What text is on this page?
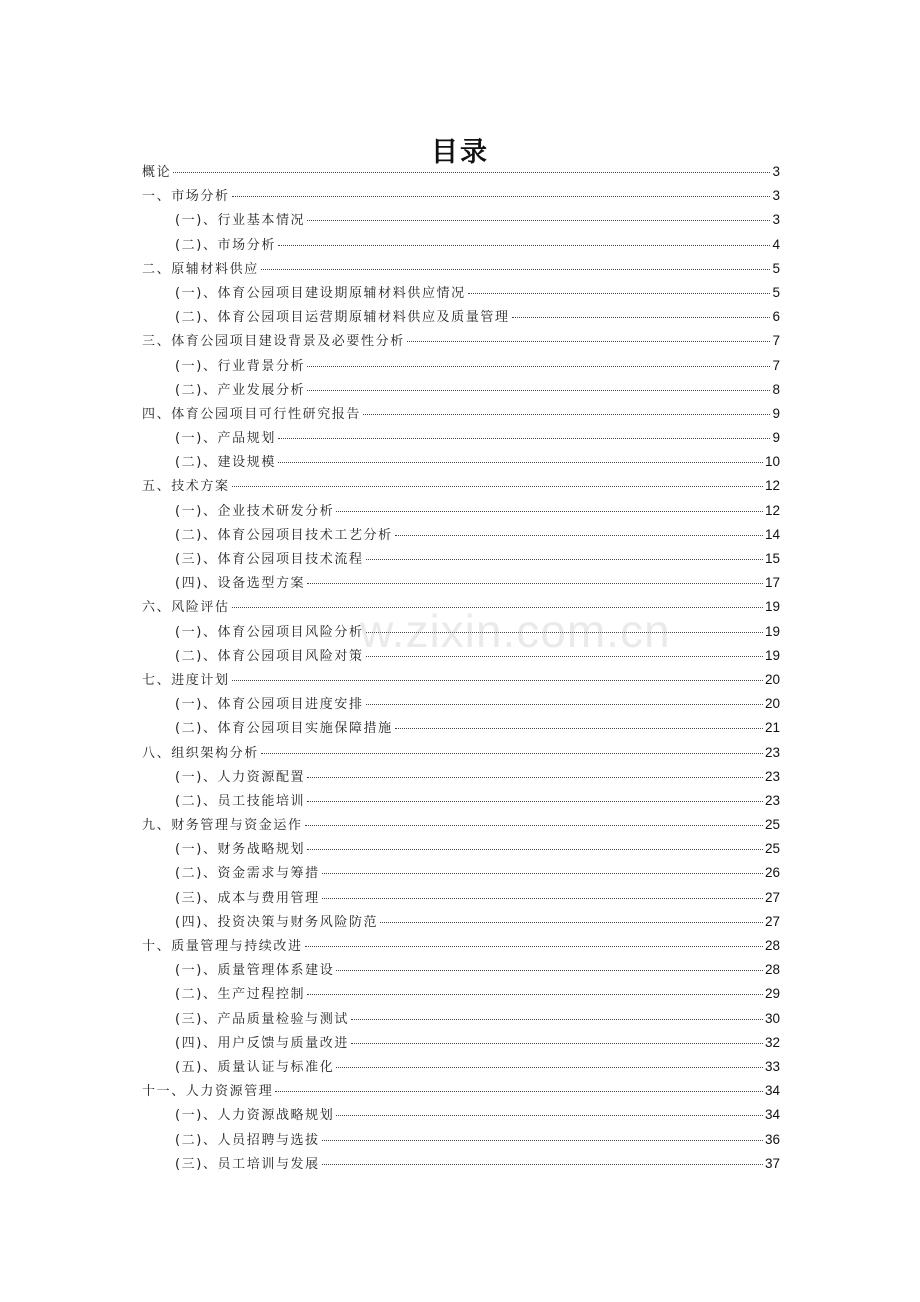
目录
概论	3
一、市场分析	3
(一)、行业基本情况	3
(二)、市场分析	4
二、原辅材料供应	5
(一)、体育公园项目建设期原辅材料供应情况	5
(二)、体育公园项目运营期原辅材料供应及质量管理	6
三、体育公园项目建设背景及必要性分析	7
(一)、行业背景分析	7
(二)、产业发展分析	8
四、体育公园项目可行性研究报告	9
(一)、产品规划	9
(二)、建设规模	10
五、技术方案	12
(一)、企业技术研发分析	12
(二)、体育公园项目技术工艺分析	14
(三)、体育公园项目技术流程	15
(四)、设备选型方案	17
六、风险评估	19
(一)、体育公园项目风险分析	19
(二)、体育公园项目风险对策	19
七、进度计划	20
(一)、体育公园项目进度安排	20
(二)、体育公园项目实施保障措施	21
八、组织架构分析	23
(一)、人力资源配置	23
(二)、员工技能培训	23
九、财务管理与资金运作	25
(一)、财务战略规划	25
(二)、资金需求与筹措	26
(三)、成本与费用管理	27
(四)、投资决策与财务风险防范	27
十、质量管理与持续改进	28
(一)、质量管理体系建设	28
(二)、生产过程控制	29
(三)、产品质量检验与测试	30
(四)、用户反馈与质量改进	32
(五)、质量认证与标准化	33
十一、人力资源管理	34
(一)、人力资源战略规划	34
(二)、人员招聘与选拔	36
(三)、员工培训与发展	37
w.zixin.com.cn
